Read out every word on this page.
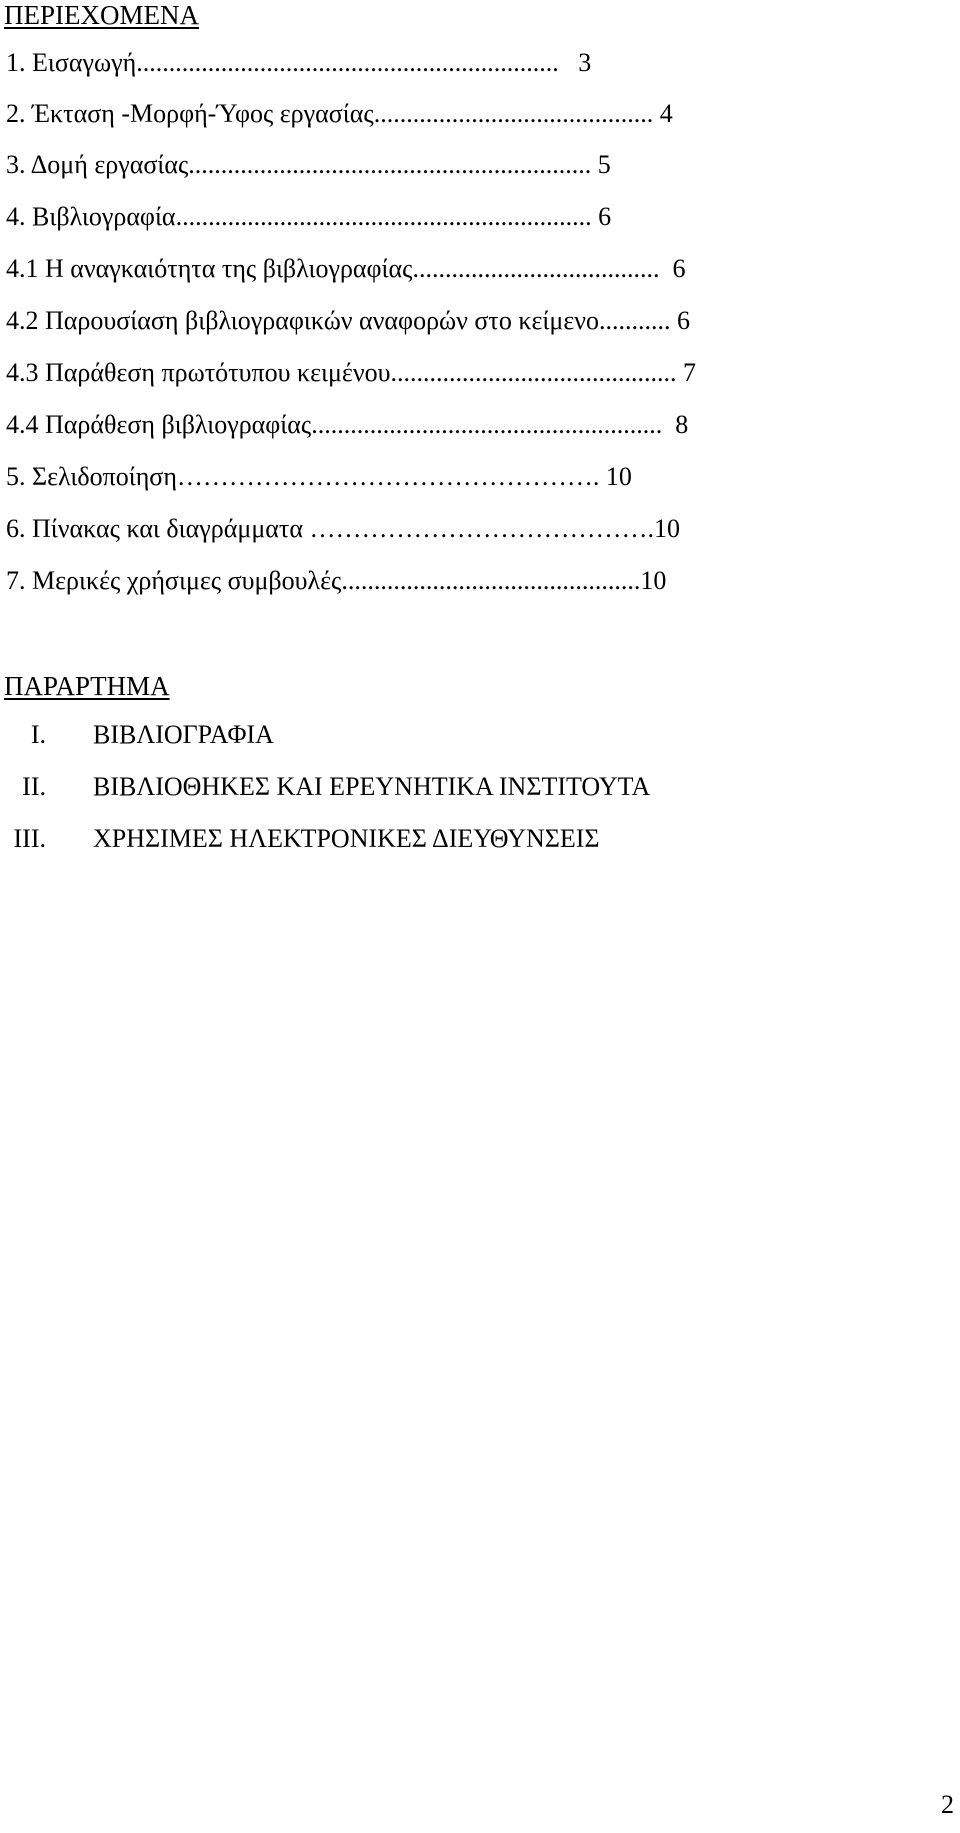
ΠΕΡΙΕΧΟΜΕΝΑ
1. Εισαγωγή.................................................................   3
2. Έκταση -Μορφή-Ύφος εργασίας........................................... 4
3. Δομή εργασίας.............................................................. 5
4. Βιβλιογραφία................................................................ 6
4.1 Η αναγκαιότητα της βιβλιογραφίας......................................  6
4.2 Παρουσίαση βιβλιογραφικών αναφορών στο κείμενο........... 6
4.3 Παράθεση πρωτότυπου κειμένου............................................ 7
4.4 Παράθεση βιβλιογραφίας......................................................  8
5. Σελιδοποίηση…………………………………………. 10
6. Πίνακας και διαγράμματα ………………………………….10
7. Μερικές χρήσιμες συμβουλές..............................................10
ΠΑΡΑΡΤΗΜΑ
I. ΒΙΒΛΙΟΓΡΑΦΙΑ
II. ΒΙΒΛΙΟΘΗΚΕΣ ΚΑΙ ΕΡΕΥΝΗΤΙΚΑ ΙΝΣΤΙΤΟΥΤΑ
III. ΧΡΗΣΙΜΕΣ ΗΛΕΚΤΡΟΝΙΚΕΣ ΔΙΕΥΘΥΝΣΕΙΣ
2
